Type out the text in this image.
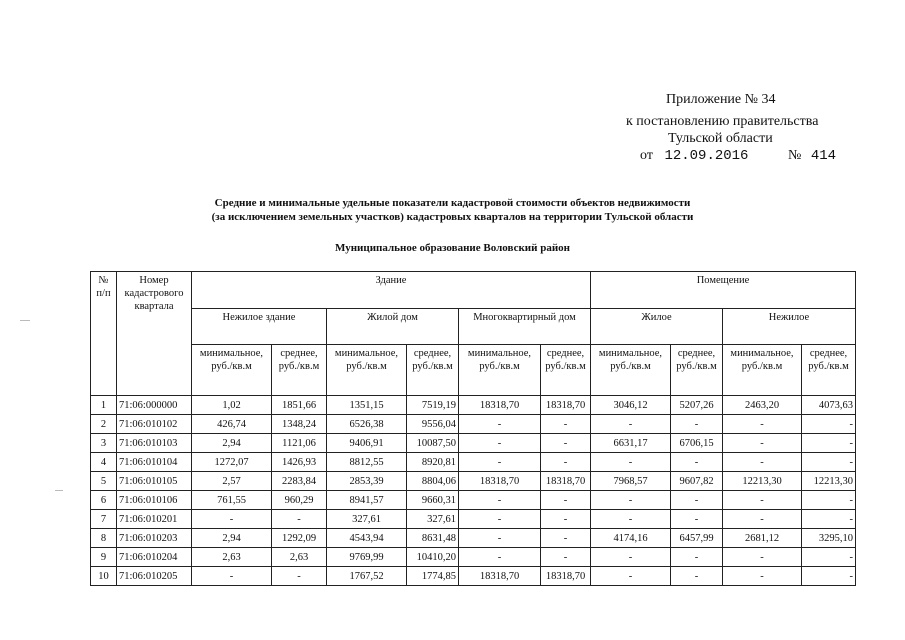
Приложение № 34
к постановлению правительства
Тульской области
от 12.09.2016	№ 414
Средние и минимальные удельные показатели кадастровой стоимости объектов недвижимости
(за исключением земельных участков) кадастровых кварталов на территории Тульской области
Муниципальное образование Воловский район
№ п/п	Номер кадастрового квартала	Здание						Помещение			
		Нежилое здание		Жилой дом		Многоквартирный дом		Жилое		Нежилое	
		минимальное, руб./кв.м	среднее, руб./кв.м	минимальное, руб./кв.м	среднее, руб./кв.м	минимальное, руб./кв.м	среднее, руб./кв.м	минимальное, руб./кв.м	среднее, руб./кв.м	минимальное, руб./кв.м	среднее, руб./кв.м
1	71:06:000000	1,02	1851,66	1351,15	7519,19	18318,70	18318,70	3046,12	5207,26	2463,20	4073,63
2	71:06:010102	426,74	1348,24	6526,38	9556,04	-	-	-	-	-	-
3	71:06:010103	2,94	1121,06	9406,91	10087,50	-	-	6631,17	6706,15	-	-
4	71:06:010104	1272,07	1426,93	8812,55	8920,81	-	-	-	-	-	-
5	71:06:010105	2,57	2283,84	2853,39	8804,06	18318,70	18318,70	7968,57	9607,82	12213,30	12213,30
6	71:06:010106	761,55	960,29	8941,57	9660,31	-	-	-	-	-	-
7	71:06:010201	-	-	327,61	327,61	-	-	-	-	-	-
8	71:06:010203	2,94	1292,09	4543,94	8631,48	-	-	4174,16	6457,99	2681,12	3295,10
9	71:06:010204	2,63	2,63	9769,99	10410,20	-	-	-	-	-	-
10	71:06:010205	-	-	1767,52	1774,85	18318,70	18318,70	-	-	-	-
